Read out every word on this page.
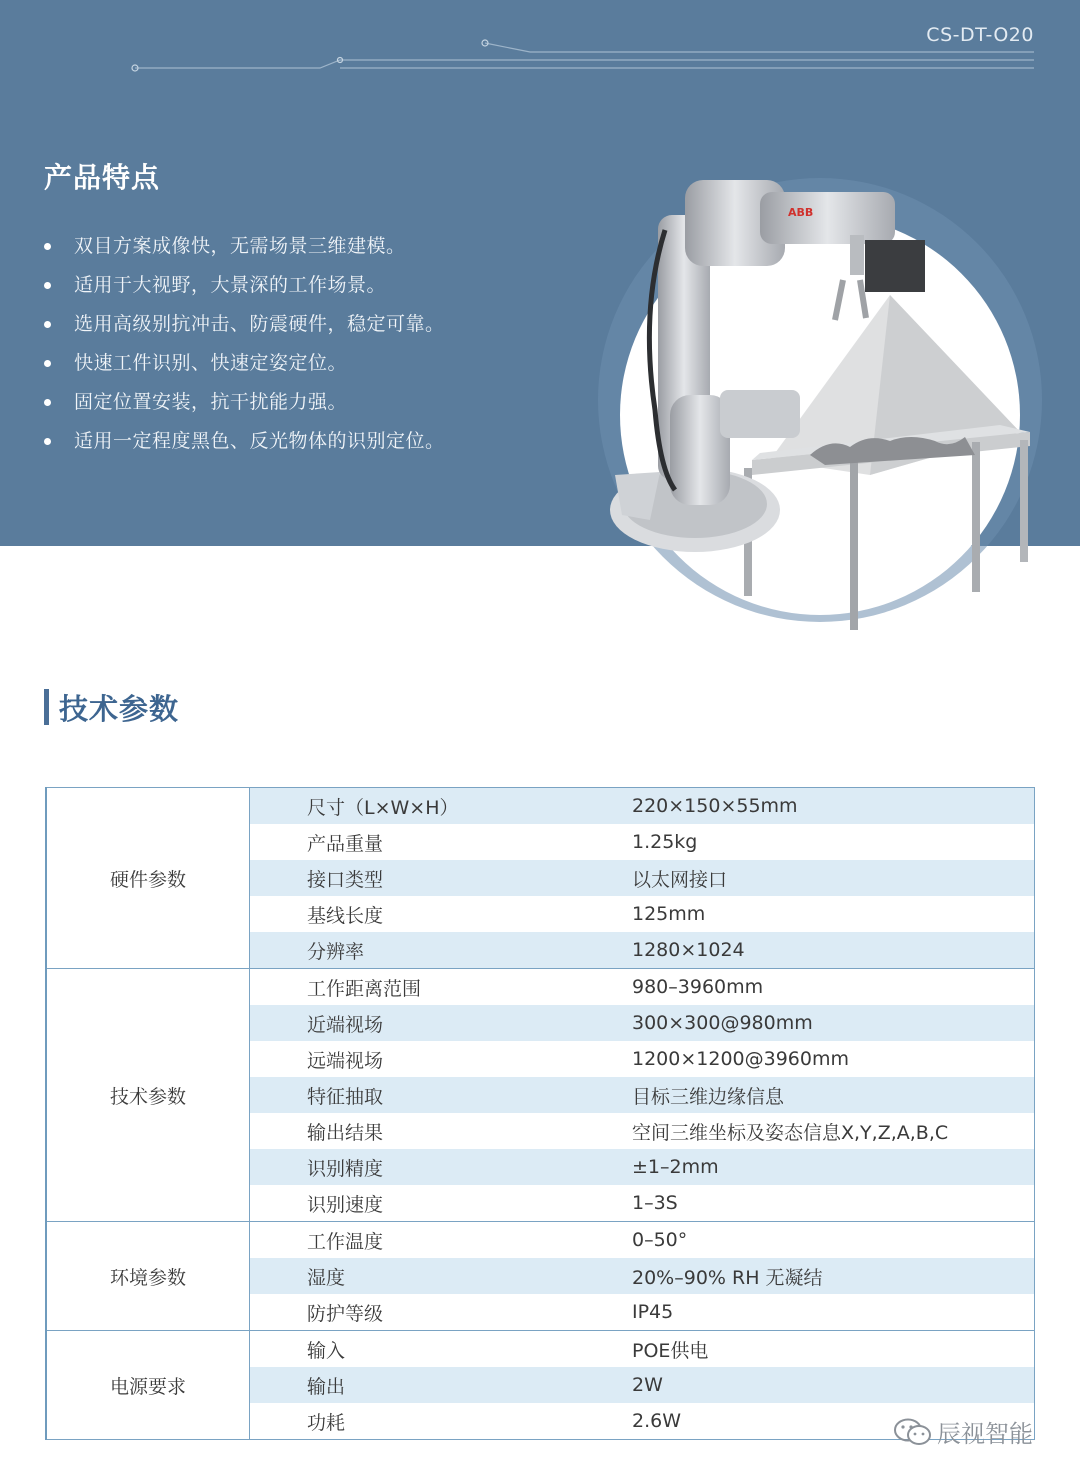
CS-DT-O20
产品特点
双目方案成像快，无需场景三维建模。
适用于大视野，大景深的工作场景。
选用高级别抗冲击、防震硬件，稳定可靠。
快速工件识别、快速定姿定位。
固定位置安装，抗干扰能力强。
适用一定程度黑色、反光物体的识别定位。
ABB
技术参数
硬件参数	尺寸（L×W×H）	220×150×55mm
	产品重量	1.25kg
	接口类型	以太网接口
	基线长度	125mm
	分辨率	1280×1024
技术参数	工作距离范围	980–3960mm
	近端视场	300×300@980mm
	远端视场	1200×1200@3960mm
	特征抽取	目标三维边缘信息
	输出结果	空间三维坐标及姿态信息X,Y,Z,A,B,C
	识别精度	±1–2mm
	识别速度	1–3S
环境参数	工作温度	0–50°
	湿度	20%–90% RH 无凝结
	防护等级	IP45
电源要求	输入	POE供电
	输出	2W
	功耗	2.6W	辰视智能
